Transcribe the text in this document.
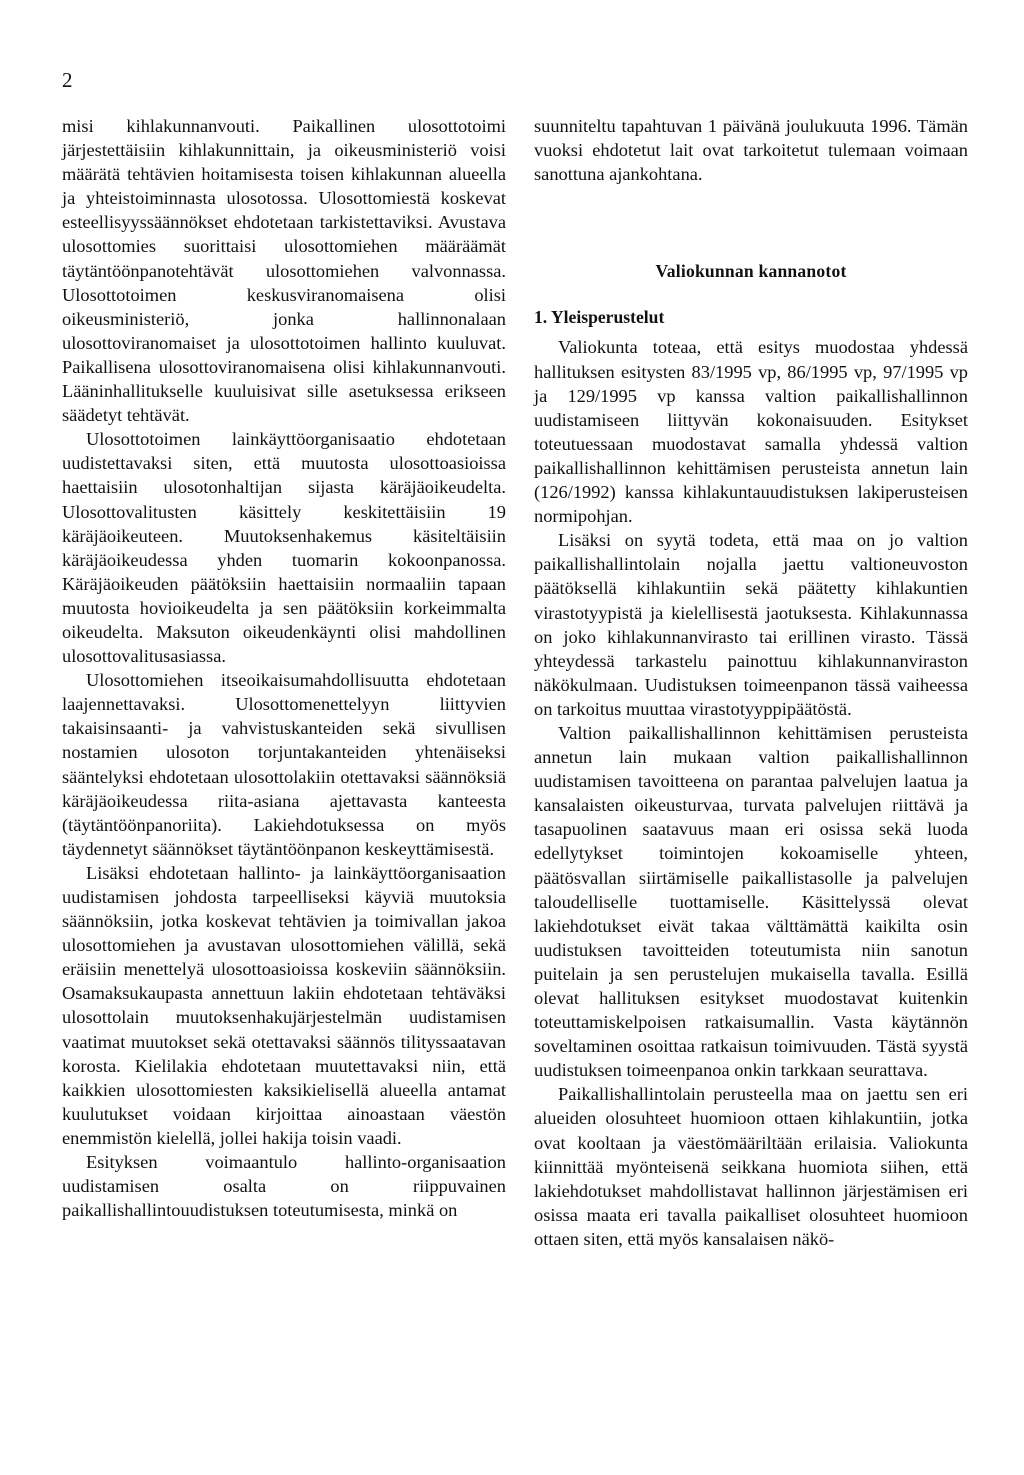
2

misi kihlakunnanvouti. Paikallinen ulosottotoimi järjestettäisiin kihlakunnittain, ja oikeusministeriö voisi määrätä tehtävien hoitamisesta toisen kihlakunnan alueella ja yhteistoiminnasta ulosotossa. Ulosottomiestä koskevat esteellisyyssäännökset ehdotetaan tarkistettaviksi. Avustava ulosottomies suorittaisi ulosottomiehen määräämät täytäntöönpanotehtävät ulosottomiehen valvonnassa. Ulosottotoimen keskusviranomaisena olisi oikeusministeriö, jonka hallinnonalaan ulosottoviranomaiset ja ulosottotoimen hallinto kuuluvat. Paikallisena ulosottoviranomaisena olisi kihlakunnanvouti. Lääninhallitukselle kuuluisivat sille asetuksessa erikseen säädetyt tehtävät.

Ulosottotoimen lainkäyttöorganisaatio ehdotetaan uudistettavaksi siten, että muutosta ulosottoasioissa haettaisiin ulosotonhaltijan sijasta käräjäoikeudelta. Ulosottovalitusten käsittely keskitettäisiin 19 käräjäoikeuteen. Muutoksenhakemus käsiteltäisiin käräjäoikeudessa yhden tuomarin kokoonpanossa. Käräjäoikeuden päätöksiin haettaisiin normaaliin tapaan muutosta hovioikeudelta ja sen päätöksiin korkeimmalta oikeudelta. Maksuton oikeudenkäynti olisi mahdollinen ulosottovalitusasiassa.

Ulosottomiehen itseoikaisumahdollisuutta ehdotetaan laajennettavaksi. Ulosottomenettelyyn liittyvien takaisinsaanti- ja vahvistuskanteiden sekä sivullisen nostamien ulosoton torjuntakanteiden yhtenäiseksi sääntelyksi ehdotetaan ulosottolakiin otettavaksi säännöksiä käräjäoikeudessa riita-asiana ajettavasta kanteesta (täytäntöönpanoriita). Lakiehdotuksessa on myös täydennetyt säännökset täytäntöönpanon keskeyttämisestä.

Lisäksi ehdotetaan hallinto- ja lainkäyttöorganisaation uudistamisen johdosta tarpeelliseksi käyviä muutoksia säännöksiin, jotka koskevat tehtävien ja toimivallan jakoa ulosottomiehen ja avustavan ulosottomiehen välillä, sekä eräisiin menettelyä ulosottoasioissa koskeviin säännöksiin. Osamaksukaupasta annettuun lakiin ehdotetaan tehtäväksi ulosottolain muutoksenhakujärjestelmän uudistamisen vaatimat muutokset sekä otettavaksi säännös tilityssaatavan korosta. Kielilakia ehdotetaan muutettavaksi niin, että kaikkien ulosottomiesten kaksikielisellä alueella antamat kuulutukset voidaan kirjoittaa ainoastaan väestön enemmistön kielellä, jollei hakija toisin vaadi.

Esityksen voimaantulo hallinto-organisaation uudistamisen osalta on riippuvainen paikallishallintouudistuksen toteutumisesta, minkä on

suunniteltu tapahtuvan 1 päivänä joulukuuta 1996. Tämän vuoksi ehdotetut lait ovat tarkoitetut tulemaan voimaan sanottuna ajankohtana.

Valiokunnan kannanotot
1. Yleisperustelut

Valiokunta toteaa, että esitys muodostaa yhdessä hallituksen esitysten 83/1995 vp, 86/1995 vp, 97/1995 vp ja 129/1995 vp kanssa valtion paikallishallinnon uudistamiseen liittyvän kokonaisuuden. Esitykset toteutuessaan muodostavat samalla yhdessä valtion paikallishallinnon kehittämisen perusteista annetun lain (126/1992) kanssa kihlakuntauudistuksen lakiperusteisen normipohjan.

Lisäksi on syytä todeta, että maa on jo valtion paikallishallintolain nojalla jaettu valtioneuvoston päätöksellä kihlakuntiin sekä päätetty kihlakuntien virastotyypistä ja kielellisestä jaotuksesta. Kihlakunnassa on joko kihlakunnanvirasto tai erillinen virasto. Tässä yhteydessä tarkastelu painottuu kihlakunnanviraston näkökulmaan. Uudistuksen toimeenpanon tässä vaiheessa on tarkoitus muuttaa virastotyyppipäätöstä.

Valtion paikallishallinnon kehittämisen perusteista annetun lain mukaan valtion paikallishallinnon uudistamisen tavoitteena on parantaa palvelujen laatua ja kansalaisten oikeusturvaa, turvata palvelujen riittävä ja tasapuolinen saatavuus maan eri osissa sekä luoda edellytykset toimintojen kokoamiselle yhteen, päätösvallan siirtämiselle paikallistasolle ja palvelujen taloudelliselle tuottamiselle. Käsittelyssä olevat lakiehdotukset eivät takaa välttämättä kaikilta osin uudistuksen tavoitteiden toteutumista niin sanotun puitelain ja sen perustelujen mukaisella tavalla. Esillä olevat hallituksen esitykset muodostavat kuitenkin toteuttamiskelpoisen ratkaisumallin. Vasta käytännön soveltaminen osoittaa ratkaisun toimivuuden. Tästä syystä uudistuksen toimeenpanoa onkin tarkkaan seurattava.

Paikallishallintolain perusteella maa on jaettu sen eri alueiden olosuhteet huomioon ottaen kihlakuntiin, jotka ovat kooltaan ja väestömääriltään erilaisia. Valiokunta kiinnittää myönteisenä seikkana huomiota siihen, että lakiehdotukset mahdollistavat hallinnon järjestämisen eri osissa maata eri tavalla paikalliset olosuhteet huomioon ottaen siten, että myös kansalaisen näkö-
